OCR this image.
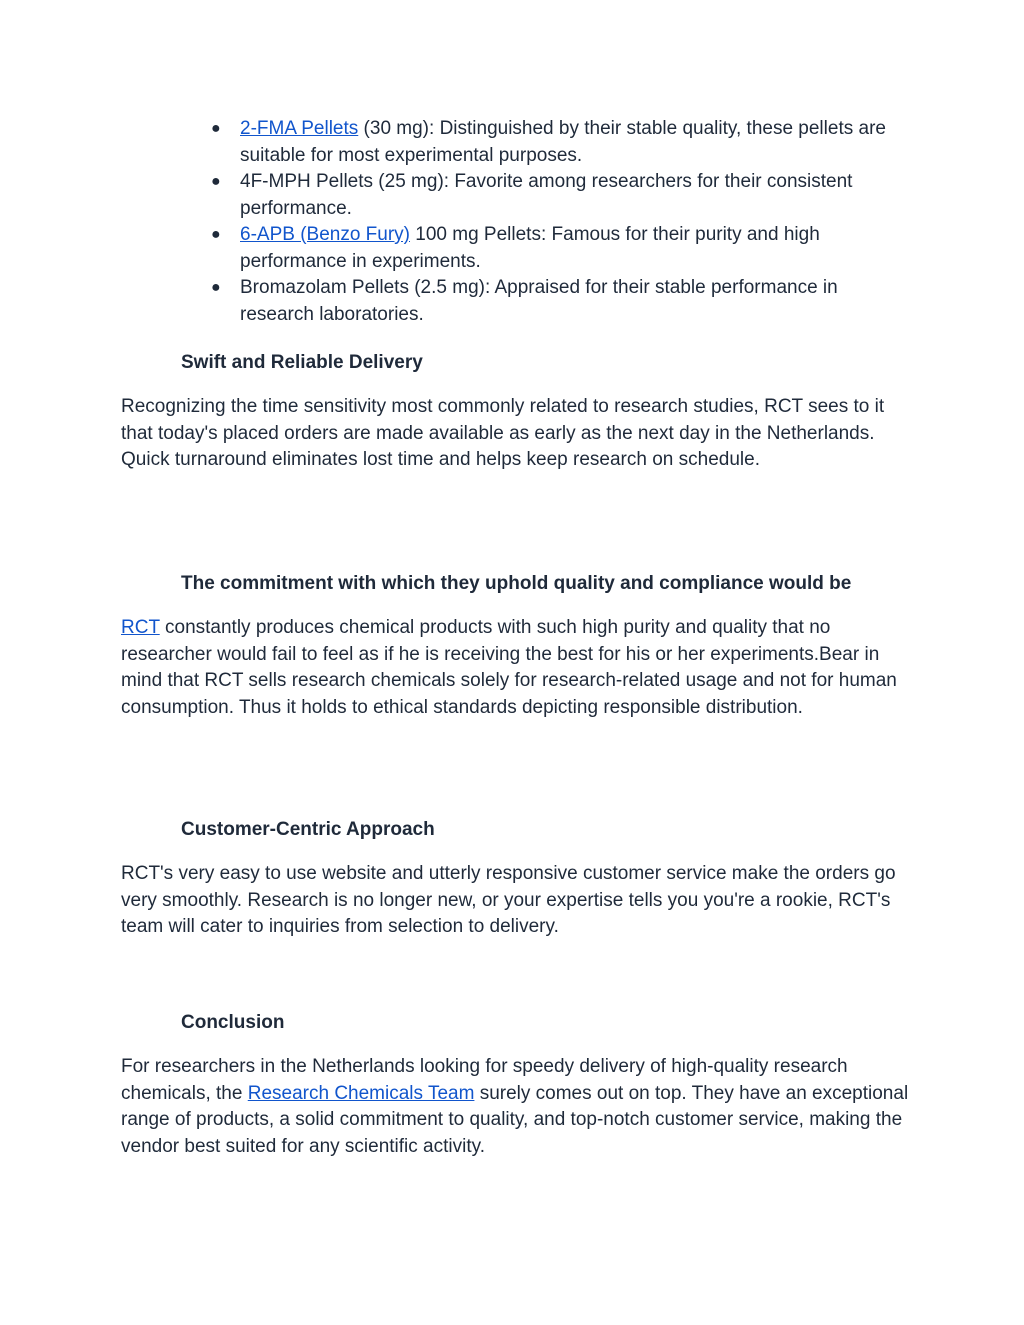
● 2-FMA Pellets (30 mg): Distinguished by their stable quality, these pellets are suitable for most experimental purposes.
● 4F-MPH Pellets (25 mg): Favorite among researchers for their consistent performance.
● 6-APB (Benzo Fury) 100 mg Pellets: Famous for their purity and high performance in experiments.
● Bromazolam Pellets (2.5 mg): Appraised for their stable performance in research laboratories.
Swift and Reliable Delivery

Recognizing the time sensitivity most commonly related to research studies, RCT sees to it that today's placed orders are made available as early as the next day in the Netherlands. Quick turnaround eliminates lost time and helps keep research on schedule.

The commitment with which they uphold quality and compliance would be

RCT constantly produces chemical products with such high purity and quality that no researcher would fail to feel as if he is receiving the best for his or her experiments.Bear in mind that RCT sells research chemicals solely for research-related usage and not for human consumption. Thus it holds to ethical standards depicting responsible distribution.

Customer-Centric Approach

RCT's very easy to use website and utterly responsive customer service make the orders go very smoothly. Research is no longer new, or your expertise tells you you're a rookie, RCT's team will cater to inquiries from selection to delivery.

Conclusion

For researchers in the Netherlands looking for speedy delivery of high-quality research chemicals, the Research Chemicals Team surely comes out on top. They have an exceptional range of products, a solid commitment to quality, and top-notch customer service, making the vendor best suited for any scientific activity.
